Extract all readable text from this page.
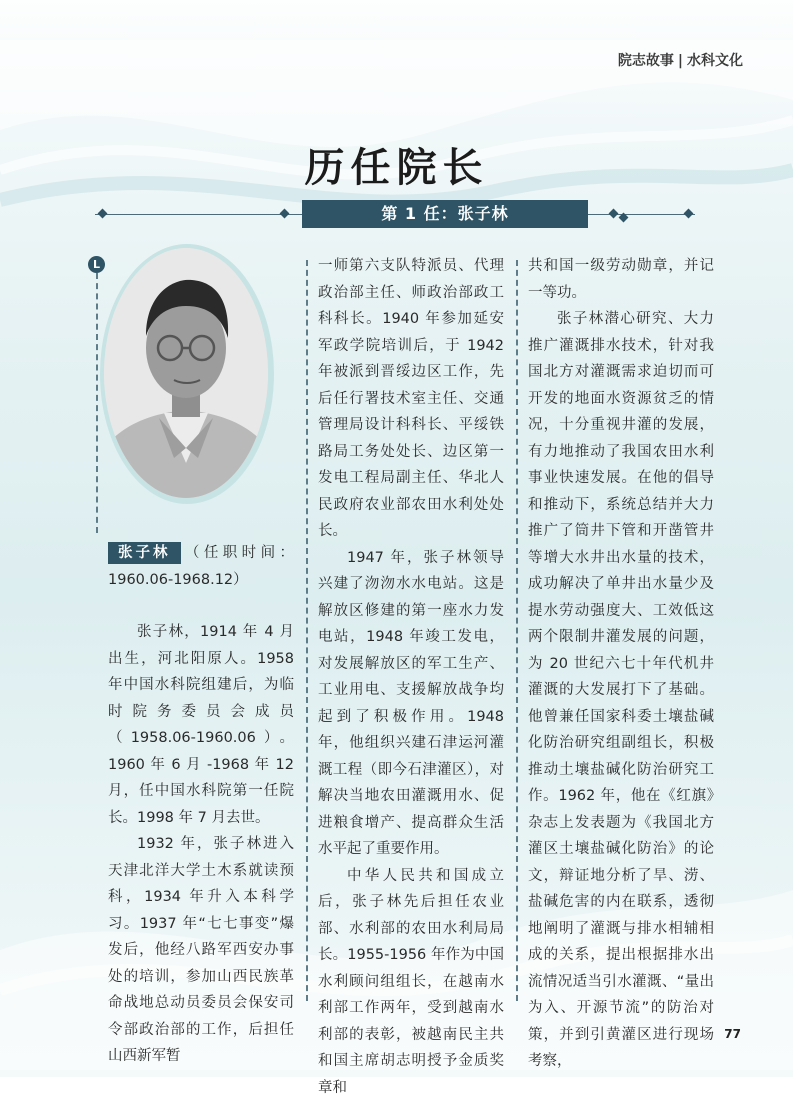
院志故事 | 水科文化
历任院长
第 1 任：张子林
L

张子林 （任职时间：1960.06-1968.12）

张子林，1914 年 4 月出生，河北阳原人。1958 年中国水科院组建后，为临时院务委员会成员（1958.06-1960.06）。1960 年 6 月 -1968 年 12 月，任中国水科院第一任院长。1998 年 7 月去世。

1932 年，张子林进入天津北洋大学土木系就读预科，1934 年升入本科学习。1937 年“七七事变”爆发后，他经八路军西安办事处的培训，参加山西民族革命战地总动员委员会保安司令部政治部的工作，后担任山西新军暂

一师第六支队特派员、代理政治部主任、师政治部政工科科长。1940 年参加延安军政学院培训后，于 1942 年被派到晋绥边区工作，先后任行署技术室主任、交通管理局设计科科长、平绥铁路局工务处处长、边区第一发电工程局副主任、华北人民政府农业部农田水利处处长。

1947 年，张子林领导兴建了沕沕水水电站。这是解放区修建的第一座水力发电站，1948 年竣工发电，对发展解放区的军工生产、工业用电、支援解放战争均起到了积极作用。1948 年，他组织兴建石津运河灌溉工程（即今石津灌区），对解决当地农田灌溉用水、促进粮食增产、提高群众生活水平起了重要作用。

中华人民共和国成立后，张子林先后担任农业部、水利部的农田水利局局长。1955-1956 年作为中国水利顾问组组长，在越南水利部工作两年，受到越南水利部的表彰，被越南民主共和国主席胡志明授予金质奖章和

共和国一级劳动勋章，并记一等功。

张子林潜心研究、大力推广灌溉排水技术，针对我国北方对灌溉需求迫切而可开发的地面水资源贫乏的情况，十分重视井灌的发展，有力地推动了我国农田水利事业快速发展。在他的倡导和推动下，系统总结并大力推广了筒井下管和开凿管井等增大水井出水量的技术，成功解决了单井出水量少及提水劳动强度大、工效低这两个限制井灌发展的问题，为 20 世纪六七十年代机井灌溉的大发展打下了基础。他曾兼任国家科委土壤盐碱化防治研究组副组长，积极推动土壤盐碱化防治研究工作。1962 年，他在《红旗》杂志上发表题为《我国北方灌区土壤盐碱化防治》的论文，辩证地分析了旱、涝、盐碱危害的内在联系，透彻地阐明了灌溉与排水相辅相成的关系，提出根据排水出流情况适当引水灌溉、“量出为入、开源节流”的防治对策，并到引黄灌区进行现场考察，

77
